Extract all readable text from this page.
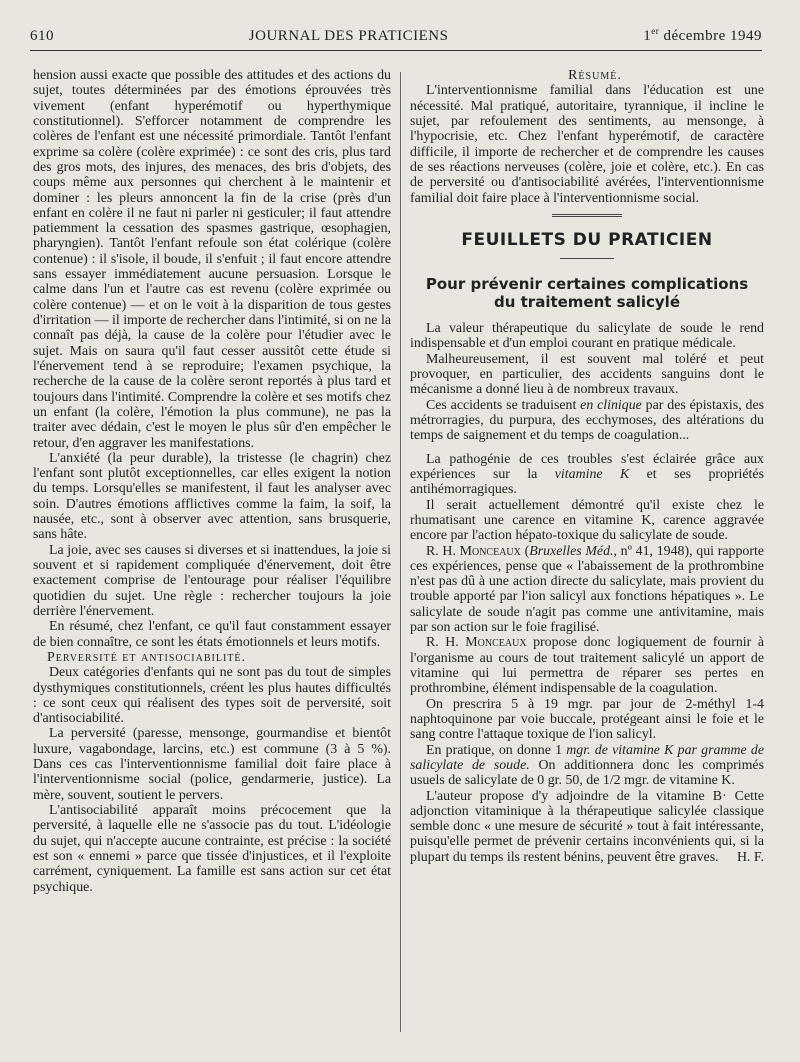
610	JOURNAL DES PRATICIENS	1er décembre 1949

hension aussi exacte que possible des attitudes et des actions du sujet, toutes déterminées par des émotions éprouvées très vivement (enfant hyperémotif ou hyperthymique constitutionnel). S'efforcer notamment de comprendre les colères de l'enfant est une nécessité primordiale. Tantôt l'enfant exprime sa colère (colère exprimée) : ce sont des cris, plus tard des gros mots, des injures, des menaces, des bris d'objets, des coups même aux personnes qui cherchent à le maintenir et dominer : les pleurs annoncent la fin de la crise (près d'un enfant en colère il ne faut ni parler ni gesticuler; il faut attendre patiemment la cessation des spasmes gastrique, œsophagien, pharyngien). Tantôt l'enfant refoule son état colérique (colère contenue) : il s'isole, il boude, il s'enfuit ; il faut encore attendre sans essayer immédiatement aucune persuasion. Lorsque le calme dans l'un et l'autre cas est revenu (colère exprimée ou colère contenue) — et on le voit à la disparition de tous gestes d'irritation — il importe de rechercher dans l'intimité, si on ne la connaît pas déjà, la cause de la colère pour l'étudier avec le sujet. Mais on saura qu'il faut cesser aussitôt cette étude si l'énervement tend à se reproduire; l'examen psychique, la recherche de la cause de la colère seront reportés à plus tard et toujours dans l'intimité. Comprendre la colère et ses motifs chez un enfant (la colère, l'émotion la plus commune), ne pas la traiter avec dédain, c'est le moyen le plus sûr d'en empêcher le retour, d'en aggraver les manifestations.

L'anxiété (la peur durable), la tristesse (le chagrin) chez l'enfant sont plutôt exceptionnelles, car elles exigent la notion du temps. Lorsqu'elles se manifestent, il faut les analyser avec soin. D'autres émotions afflictives comme la faim, la soif, la nausée, etc., sont à observer avec attention, sans brusquerie, sans hâte.

La joie, avec ses causes si diverses et si inattendues, la joie si souvent et si rapidement compliquée d'énervement, doit être exactement comprise de l'entourage pour réaliser l'équilibre quotidien du sujet. Une règle : rechercher toujours la joie derrière l'énervement.

En résumé, chez l'enfant, ce qu'il faut constamment essayer de bien connaître, ce sont les états émotionnels et leurs motifs.

Perversité et antisociabilité.

Deux catégories d'enfants qui ne sont pas du tout de simples dysthymiques constitutionnels, créent les plus hautes difficultés : ce sont ceux qui réalisent des types soit de perversité, soit d'antisociabilité.

La perversité (paresse, mensonge, gourmandise et bientôt luxure, vagabondage, larcins, etc.) est commune (3 à 5 %). Dans ces cas l'interventionnisme familial doit faire place à l'interventionnisme social (police, gendarmerie, justice). La mère, souvent, soutient le pervers.

L'antisociabilité apparaît moins précocement que la perversité, à laquelle elle ne s'associe pas du tout. L'idéologie du sujet, qui n'accepte aucune contrainte, est précise : la société est son « ennemi » parce que tissée d'injustices, et il l'exploite carrément, cyniquement. La famille est sans action sur cet état psychique.

Résumé.

L'interventionnisme familial dans l'éducation est une nécessité. Mal pratiqué, autoritaire, tyrannique, il incline le sujet, par refoulement des sentiments, au mensonge, à l'hypocrisie, etc. Chez l'enfant hyperémotif, de caractère difficile, il importe de rechercher et de comprendre les causes de ses réactions nerveuses (colère, joie et colère, etc.). En cas de perversité ou d'antisociabilité avérées, l'interventionnisme familial doit faire place à l'interventionnisme social.

FEUILLETS DU PRATICIEN
Pour prévenir certaines complications
du traitement salicylé

La valeur thérapeutique du salicylate de soude le rend indispensable et d'un emploi courant en pratique médicale.

Malheureusement, il est souvent mal toléré et peut provoquer, en particulier, des accidents sanguins dont le mécanisme a donné lieu à de nombreux travaux.

Ces accidents se traduisent en clinique par des épistaxis, des métrorragies, du purpura, des ecchymoses, des altérations du temps de saignement et du temps de coagulation...

La pathogénie de ces troubles s'est éclairée grâce aux expériences sur la vitamine K et ses propriétés antihémorragiques.

Il serait actuellement démontré qu'il existe chez le rhumatisant une carence en vitamine K, carence aggravée encore par l'action hépato-toxique du salicylate de soude.

R. H. Monceaux (Bruxelles Méd., nº 41, 1948), qui rapporte ces expériences, pense que « l'abaissement de la prothrombine n'est pas dû à une action directe du salicylate, mais provient du trouble apporté par l'ion salicyl aux fonctions hépatiques ». Le salicylate de soude n'agit pas comme une antivitamine, mais par son action sur le foie fragilisé.

R. H. Monceaux propose donc logiquement de fournir à l'organisme au cours de tout traitement salicylé un apport de vitamine qui lui permettra de réparer ses pertes en prothrombine, élément indispensable de la coagulation.

On prescrira 5 à 19 mgr. par jour de 2-méthyl 1-4 naphtoquinone par voie buccale, protégeant ainsi le foie et le sang contre l'attaque toxique de l'ion salicyl.

En pratique, on donne 1 mgr. de vitamine K par gramme de salicylate de soude. On additionnera donc les comprimés usuels de salicylate de 0 gr. 50, de 1/2 mgr. de vitamine K.

L'auteur propose d'y adjoindre de la vitamine B· Cette adjonction vitaminique à la thérapeutique salicylée classique semble donc « une mesure de sécurité » tout à fait intéressante, puisqu'elle permet de prévenir certains inconvénients qui, si la plupart du temps ils restent bénins, peuvent être graves.	H. F.
